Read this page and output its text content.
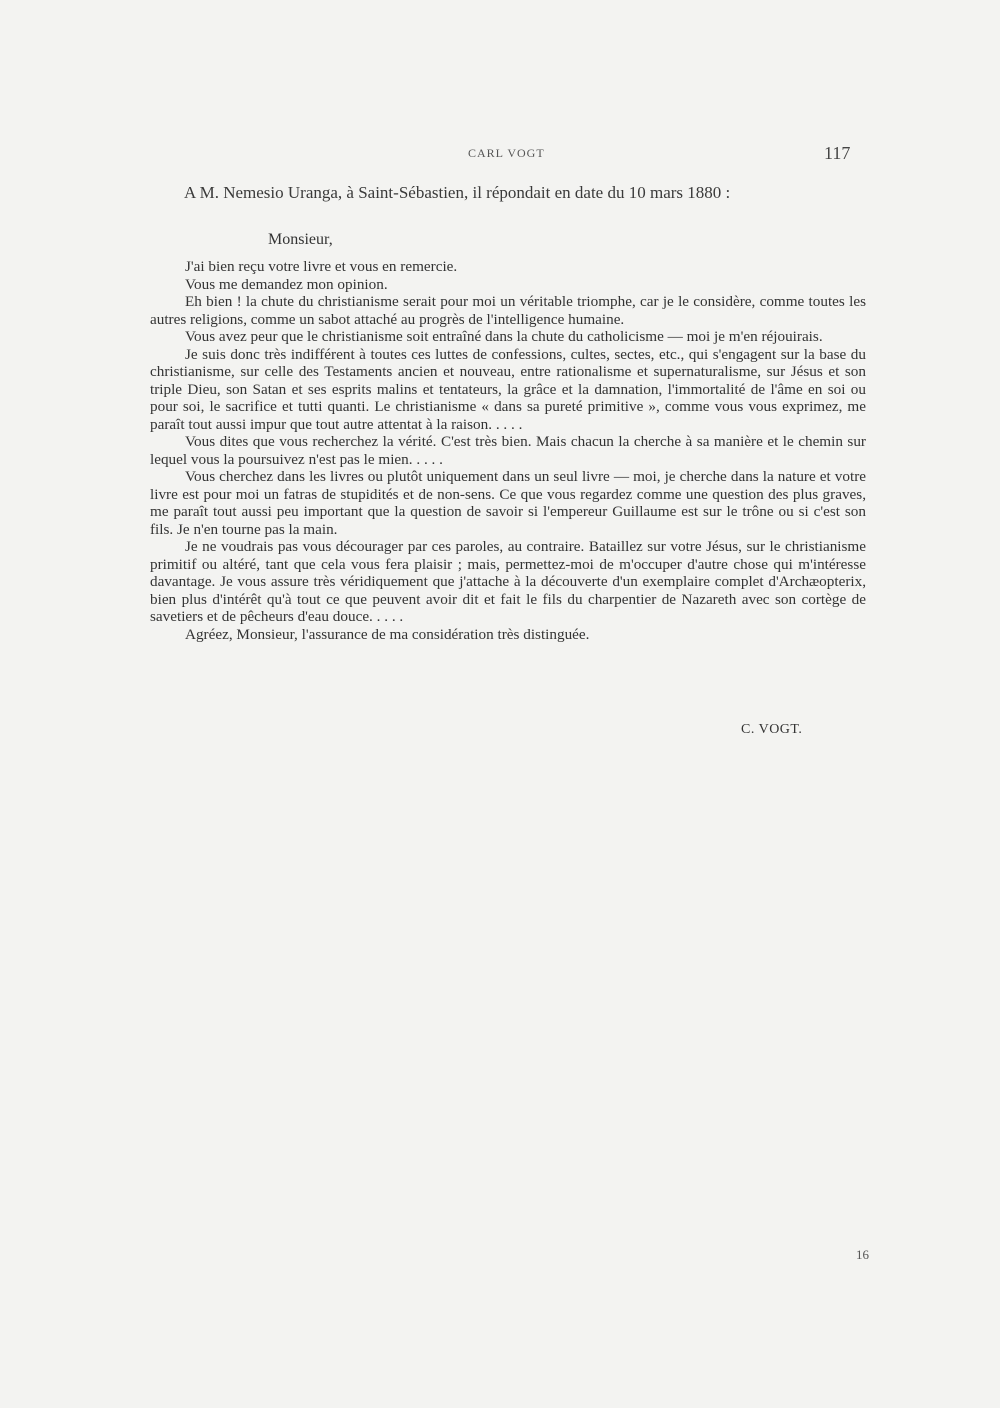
CARL VOGT	117
A M. Nemesio Uranga, à Saint-Sébastien, il répondait en date du 10 mars 1880 :
Monsieur,

J'ai bien reçu votre livre et vous en remercie.

Vous me demandez mon opinion.

Eh bien ! la chute du christianisme serait pour moi un véritable triomphe, car je le considère, comme toutes les autres religions, comme un sabot attaché au progrès de l'intelligence humaine.

Vous avez peur que le christianisme soit entraîné dans la chute du catholicisme — moi je m'en réjouirais.

Je suis donc très indifférent à toutes ces luttes de confessions, cultes, sectes, etc., qui s'engagent sur la base du christianisme, sur celle des Testaments ancien et nouveau, entre rationalisme et supernaturalisme, sur Jésus et son triple Dieu, son Satan et ses esprits malins et tentateurs, la grâce et la damnation, l'immortalité de l'âme en soi ou pour soi, le sacrifice et tutti quanti. Le christianisme « dans sa pureté primitive », comme vous vous exprimez, me paraît tout aussi impur que tout autre attentat à la raison. . . . .

Vous dites que vous recherchez la vérité. C'est très bien. Mais chacun la cherche à sa manière et le chemin sur lequel vous la poursuivez n'est pas le mien. . . . .

Vous cherchez dans les livres ou plutôt uniquement dans un seul livre — moi, je cherche dans la nature et votre livre est pour moi un fatras de stupidités et de non-sens. Ce que vous regardez comme une question des plus graves, me paraît tout aussi peu important que la question de savoir si l'empereur Guillaume est sur le trône ou si c'est son fils. Je n'en tourne pas la main.

Je ne voudrais pas vous décourager par ces paroles, au contraire. Bataillez sur votre Jésus, sur le christianisme primitif ou altéré, tant que cela vous fera plaisir ; mais, permettez-moi de m'occuper d'autre chose qui m'intéresse davantage. Je vous assure très véridiquement que j'attache à la découverte d'un exemplaire complet d'Archæopterix, bien plus d'intérêt qu'à tout ce que peuvent avoir dit et fait le fils du charpentier de Nazareth avec son cortège de savetiers et de pêcheurs d'eau douce. . . . .

Agréez, Monsieur, l'assurance de ma considération très distinguée.

C. VOGT.
16
